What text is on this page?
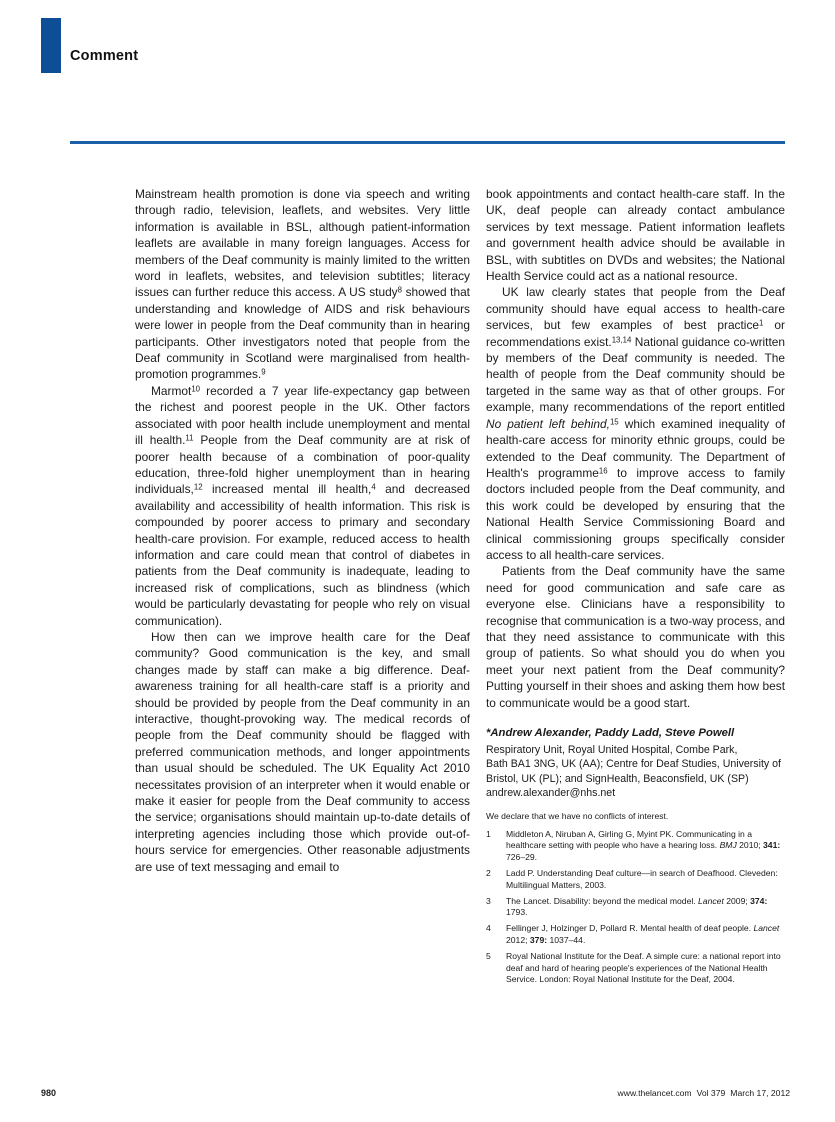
Comment

Mainstream health promotion is done via speech and writing through radio, television, leaflets, and websites. Very little information is available in BSL, although patient-information leaflets are available in many foreign languages. Access for members of the Deaf community is mainly limited to the written word in leaflets, websites, and television subtitles; literacy issues can further reduce this access. A US study$^8$ showed that understanding and knowledge of AIDS and risk behaviours were lower in people from the Deaf community than in hearing participants. Other investigators noted that people from the Deaf community in Scotland were marginalised from health-promotion programmes.$^9$

Marmot$^{10}$ recorded a 7 year life-expectancy gap between the richest and poorest people in the UK. Other factors associated with poor health include unemployment and mental ill health.$^{11}$ People from the Deaf community are at risk of poorer health because of a combination of poor-quality education, three-fold higher unemployment than in hearing individuals,$^{12}$ increased mental ill health,$^4$ and decreased availability and accessibility of health information. This risk is compounded by poorer access to primary and secondary health-care provision. For example, reduced access to health information and care could mean that control of diabetes in patients from the Deaf community is inadequate, leading to increased risk of complications, such as blindness (which would be particularly devastating for people who rely on visual communication).

How then can we improve health care for the Deaf community? Good communication is the key, and small changes made by staff can make a big difference. Deaf-awareness training for all health-care staff is a priority and should be provided by people from the Deaf community in an interactive, thought-provoking way. The medical records of people from the Deaf community should be flagged with preferred communication methods, and longer appointments than usual should be scheduled. The UK Equality Act 2010 necessitates provision of an interpreter when it would enable or make it easier for people from the Deaf community to access the service; organisations should maintain up-to-date details of interpreting agencies including those which provide out-of-hours service for emergencies. Other reasonable adjustments are use of text messaging and email to

book appointments and contact health-care staff. In the UK, deaf people can already contact ambulance services by text message. Patient information leaflets and government health advice should be available in BSL, with subtitles on DVDs and websites; the National Health Service could act as a national resource.

UK law clearly states that people from the Deaf community should have equal access to health-care services, but few examples of best practice$^1$ or recommendations exist.$^{13,14}$ National guidance co-written by members of the Deaf community is needed. The health of people from the Deaf community should be targeted in the same way as that of other groups. For example, many recommendations of the report entitled No patient left behind,$^{15}$ which examined inequality of health-care access for minority ethnic groups, could be extended to the Deaf community. The Department of Health's programme$^{16}$ to improve access to family doctors included people from the Deaf community, and this work could be developed by ensuring that the National Health Service Commissioning Board and clinical commissioning groups specifically consider access to all health-care services.

Patients from the Deaf community have the same need for good communication and safe care as everyone else. Clinicians have a responsibility to recognise that communication is a two-way process, and that they need assistance to communicate with this group of patients. So what should you do when you meet your next patient from the Deaf community? Putting yourself in their shoes and asking them how best to communicate would be a good start.

*Andrew Alexander, Paddy Ladd, Steve Powell
Respiratory Unit, Royal United Hospital, Combe Park,
Bath BA1 3NG, UK (AA); Centre for Deaf Studies, University of
Bristol, UK (PL); and SignHealth, Beaconsfield, UK (SP)
andrew.alexander@nhs.net
We declare that we have no conflicts of interest.
1	Middleton A, Niruban A, Girling G, Myint PK. Communicating in a healthcare setting with people who have a hearing loss. BMJ 2010; 341: 726–29.
2	Ladd P. Understanding Deaf culture—in search of Deafhood. Cleveden: Multilingual Matters, 2003.
3	The Lancet. Disability: beyond the medical model. Lancet 2009; 374: 1793.
4	Fellinger J, Holzinger D, Pollard R. Mental health of deaf people. Lancet 2012; 379: 1037–44.
5	Royal National Institute for the Deaf. A simple cure: a national report into deaf and hard of hearing people's experiences of the National Health Service. London: Royal National Institute for the Deaf, 2004.
980	www.thelancet.com Vol 379 March 17, 2012
